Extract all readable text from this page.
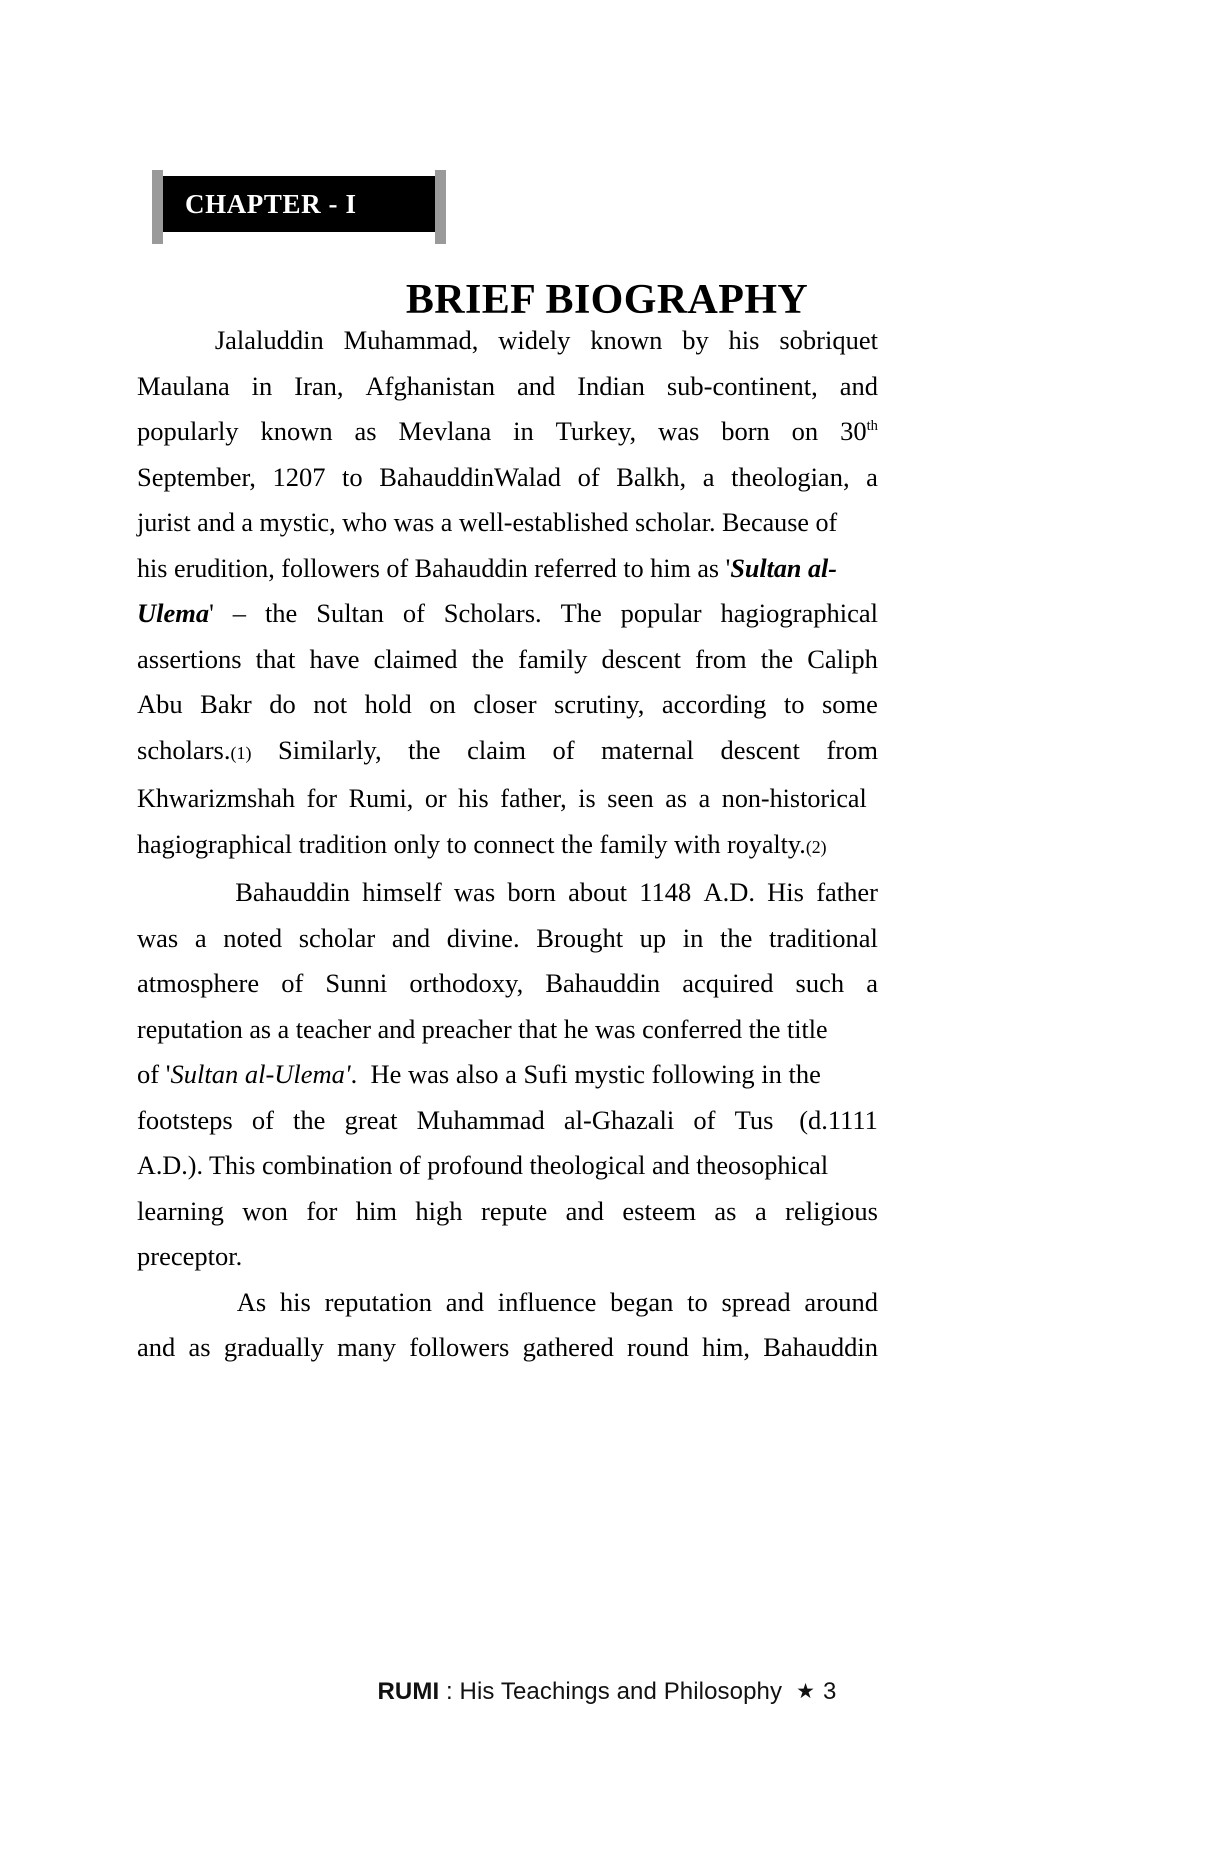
CHAPTER - I
BRIEF BIOGRAPHY

Jalaluddin Muhammad, widely known by his sobriquet
Maulana in Iran, Afghanistan and Indian sub-continent, and
popularly known as Mevlana in Turkey, was born on 30th
September, 1207 to BahauddinWalad of Balkh, a theologian, a
jurist and a mystic, who was a well-established scholar. Because of
his erudition, followers of Bahauddin referred to him as 'Sultan al-
Ulema' – the Sultan of Scholars. The popular hagiographical
assertions that have claimed the family descent from the Caliph
Abu Bakr do not hold on closer scrutiny, according to some
scholars.(1) Similarly, the claim of maternal descent from
Khwarizmshah for Rumi, or his father, is seen as a non-historical
hagiographical tradition only to connect the family with royalty.(2)

Bahauddin himself was born about 1148 A.D. His father
was a noted scholar and divine. Brought up in the traditional
atmosphere of Sunni orthodoxy, Bahauddin acquired such a
reputation as a teacher and preacher that he was conferred the title
of 'Sultan al-Ulema'.  He was also a Sufi mystic following in the
footsteps of the great Muhammad al-Ghazali of Tus (d.1111
A.D.). This combination of profound theological and theosophical
learning won for him high repute and esteem as a religious
preceptor.

As his reputation and influence began to spread around
and as gradually many followers gathered round him, Bahauddin

RUMI : His Teachings and Philosophy ★ 3
